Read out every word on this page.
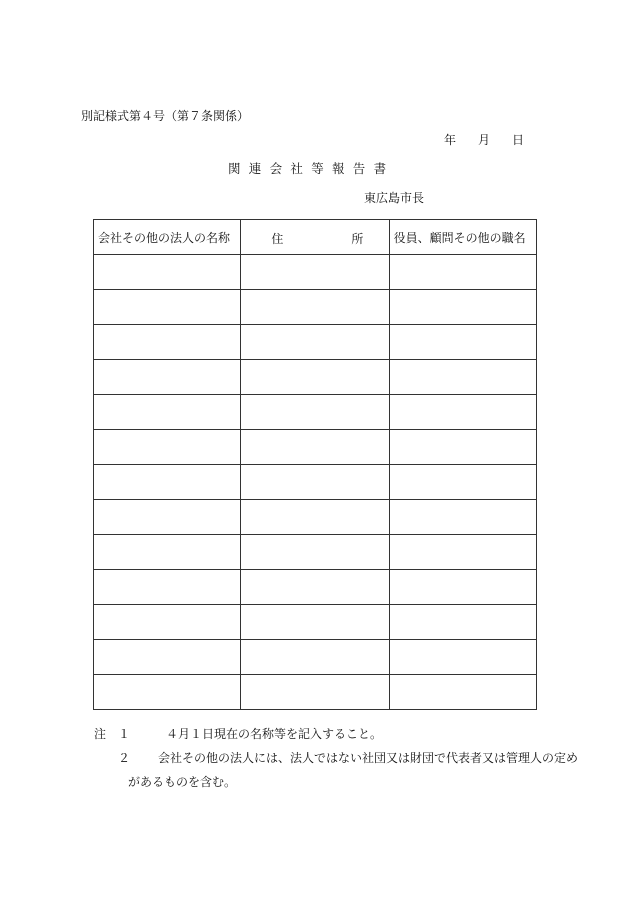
別記様式第４号（第７条関係）
年 月 日
関連会社等報告書
東広島市長
会社その他の法人の名称	住 所	役員、顧問その他の職名

注 １	４月１日現在の名称等を記入すること。
２ 会社その他の法人には、法人ではない社団又は財団で代表者又は管理人の定め
があるものを含む。
